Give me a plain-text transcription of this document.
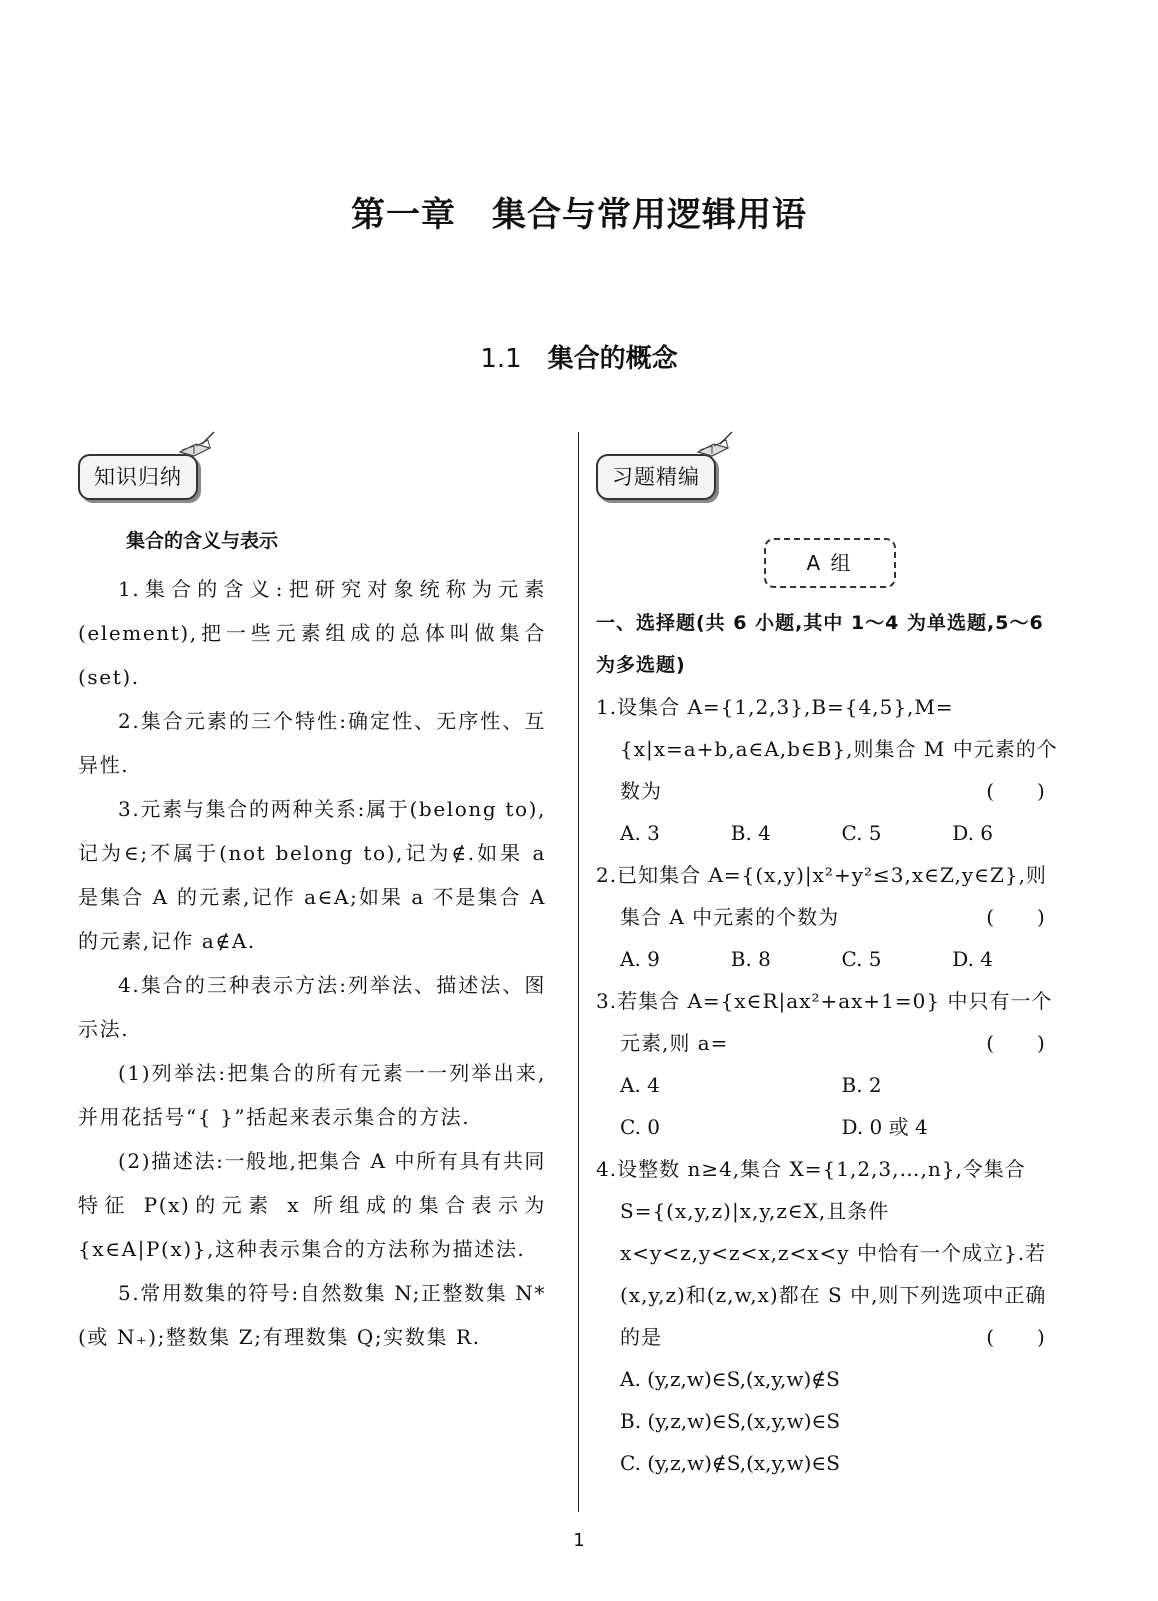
第一章 集合与常用逻辑用语
1.1 集合的概念
知识归纳
集合的含义与表示

1.集合的含义:把研究对象统称为元素(element),把一些元素组成的总体叫做集合(set).

2.集合元素的三个特性:确定性、无序性、互异性.

3.元素与集合的两种关系:属于(belong to),记为∈;不属于(not belong to),记为∉.如果 a 是集合 A 的元素,记作 a∈A;如果 a 不是集合 A 的元素,记作 a∉A.

4.集合的三种表示方法:列举法、描述法、图示法.

(1)列举法:把集合的所有元素一一列举出来,并用花括号“{ }”括起来表示集合的方法.

(2)描述法:一般地,把集合 A 中所有具有共同特征 P(x)的元素 x 所组成的集合表示为{x∈A|P(x)},这种表示集合的方法称为描述法.

5.常用数集的符号:自然数集 N;正整数集 N*(或 N₊);整数集 Z;有理数集 Q;实数集 R.

习题精编
A 组
一、选择题(共 6 小题,其中 1～4 为单选题,5～6 为多选题)
1.设集合 A={1,2,3},B={4,5},M={x|x=a+b,a∈A,b∈B},则集合 M 中元素的个数为	(　　)
A. 3	B. 4	C. 5	D. 6
2.已知集合 A={(x,y)|x²+y²≤3,x∈Z,y∈Z},则集合 A 中元素的个数为	(　　)
A. 9	B. 8	C. 5	D. 4
3.若集合 A={x∈R|ax²+ax+1=0} 中只有一个元素,则 a=	(　　)
A. 4	B. 2
C. 0	D. 0 或 4
4.设整数 n≥4,集合 X={1,2,3,…,n},令集合 S={(x,y,z)|x,y,z∈X,且条件 x<y<z,y<z<x,z<x<y 中恰有一个成立}.若(x,y,z)和(z,w,x)都在 S 中,则下列选项中正确的是	(　　)
A. (y,z,w)∈S,(x,y,w)∉S
B. (y,z,w)∈S,(x,y,w)∈S
C. (y,z,w)∉S,(x,y,w)∈S
1
